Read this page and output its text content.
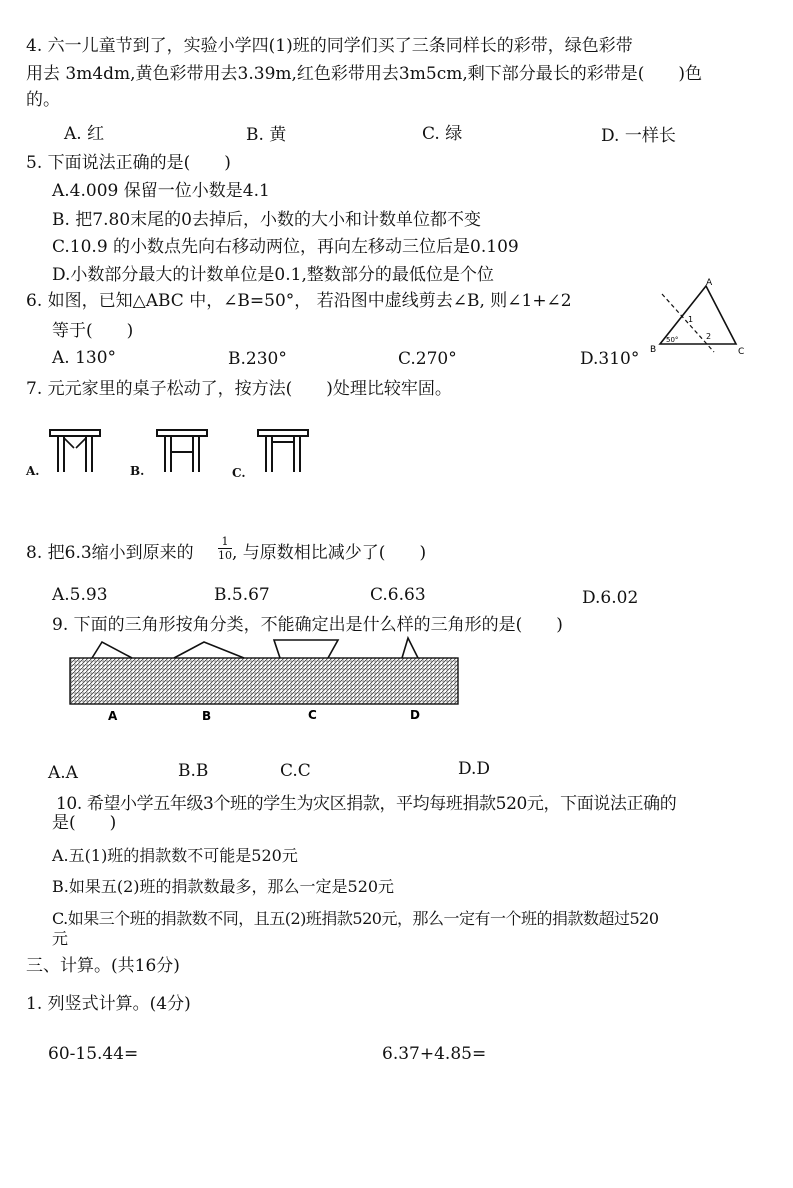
4. 六一儿童节到了，实验小学四(1)班的同学们买了三条同样长的彩带，绿色彩带
用去 3m4dm,黄色彩带用去3.39m,红色彩带用去3m5cm,剩下部分最长的彩带是(　　)色
的。
A. 红	B. 黄	C. 绿	D. 一样长
5. 下面说法正确的是(　　)
A.4.009 保留一位小数是4.1
B. 把7.80末尾的0去掉后，小数的大小和计数单位都不变
C.10.9 的小数点先向右移动两位，再向左移动三位后是0.109
D.小数部分最大的计数单位是0.1,整数部分的最低位是个位
6. 如图，已知△ABC 中，∠B=50°， 若沿图中虚线剪去∠B, 则∠1+∠2
等于(　　)
A. 130°	B.230°	C.270°	D.310°
A
B	C
50°
1
2
7. 元元家里的桌子松动了，按方法(　　)处理比较牢固。
A.	B.	C.
8. 把6.3缩小到原来的
1
10 , 与原数相比减少了(　　)
A.5.93	B.5.67	C.6.63	D.6.02
9. 下面的三角形按角分类，不能确定出是什么样的三角形的是(　　)
A	B	C	D
A.A	B.B	C.C	D.D
10. 希望小学五年级3个班的学生为灾区捐款，平均每班捐款520元，下面说法正确的
是(　　)
A.五(1)班的捐款数不可能是520元
B.如果五(2)班的捐款数最多，那么一定是520元
C.如果三个班的捐款数不同，且五(2)班捐款520元，那么一定有一个班的捐款数超过520
元
三、计算。(共16分)
1. 列竖式计算。(4分)
60-15.44=	6.37+4.85=
